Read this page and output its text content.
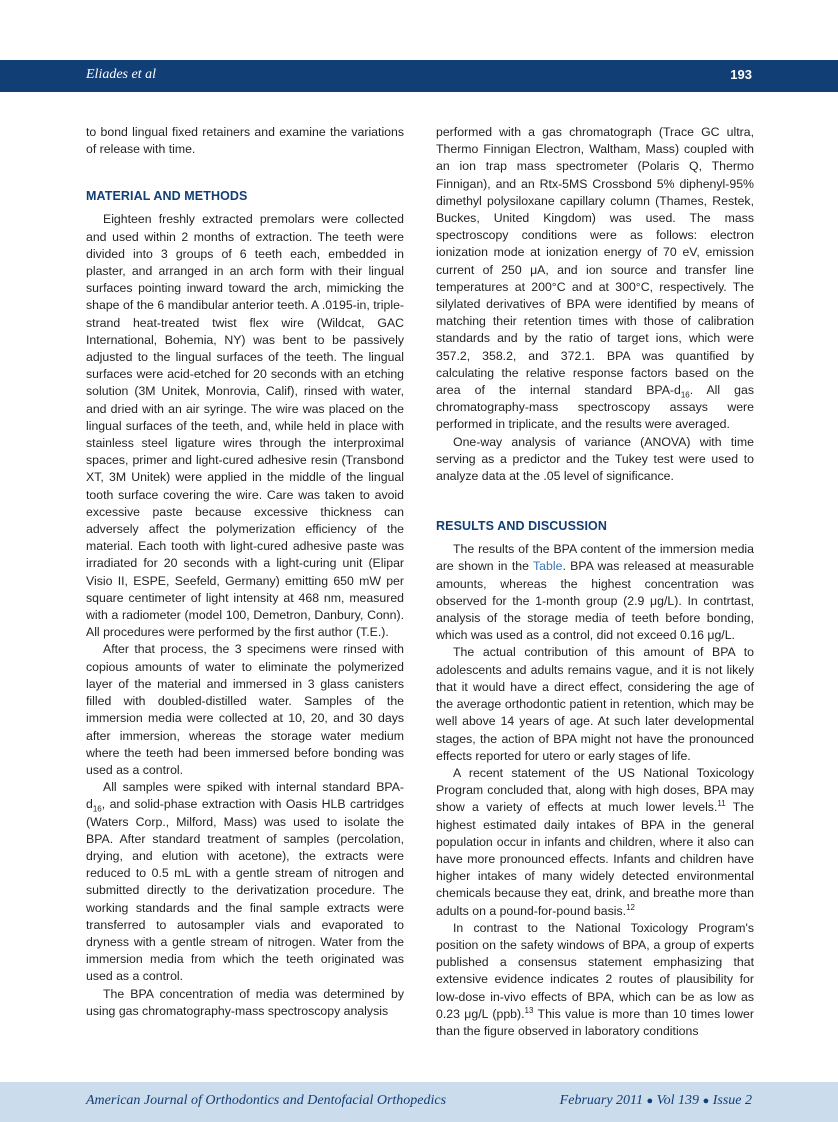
Eliades et al	193

to bond lingual fixed retainers and examine the variations of release with time.

MATERIAL AND METHODS

Eighteen freshly extracted premolars were collected and used within 2 months of extraction. The teeth were divided into 3 groups of 6 teeth each, embedded in plaster, and arranged in an arch form with their lingual surfaces pointing inward toward the arch, mimicking the shape of the 6 mandibular anterior teeth. A .0195-in, triple-strand heat-treated twist flex wire (Wildcat, GAC International, Bohemia, NY) was bent to be passively adjusted to the lingual surfaces of the teeth. The lingual surfaces were acid-etched for 20 seconds with an etching solution (3M Unitek, Monrovia, Calif), rinsed with water, and dried with an air syringe. The wire was placed on the lingual surfaces of the teeth, and, while held in place with stainless steel ligature wires through the interproximal spaces, primer and light-cured adhesive resin (Transbond XT, 3M Unitek) were applied in the middle of the lingual tooth surface covering the wire. Care was taken to avoid excessive paste because excessive thickness can adversely affect the polymerization efficiency of the material. Each tooth with light-cured adhesive paste was irradiated for 20 seconds with a light-curing unit (Elipar Visio II, ESPE, Seefeld, Germany) emitting 650 mW per square centimeter of light intensity at 468 nm, measured with a radiometer (model 100, Demetron, Danbury, Conn). All procedures were performed by the first author (T.E.).

After that process, the 3 specimens were rinsed with copious amounts of water to eliminate the polymerized layer of the material and immersed in 3 glass canisters filled with doubled-distilled water. Samples of the immersion media were collected at 10, 20, and 30 days after immersion, whereas the storage water medium where the teeth had been immersed before bonding was used as a control.

All samples were spiked with internal standard BPA-$d_{16}$, and solid-phase extraction with Oasis HLB cartridges (Waters Corp., Milford, Mass) was used to isolate the BPA. After standard treatment of samples (percolation, drying, and elution with acetone), the extracts were reduced to 0.5 mL with a gentle stream of nitrogen and submitted directly to the derivatization procedure. The working standards and the final sample extracts were transferred to autosampler vials and evaporated to dryness with a gentle stream of nitrogen. Water from the immersion media from which the teeth originated was used as a control.

The BPA concentration of media was determined by using gas chromatography-mass spectroscopy analysis

performed with a gas chromatograph (Trace GC ultra, Thermo Finnigan Electron, Waltham, Mass) coupled with an ion trap mass spectrometer (Polaris Q, Thermo Finnigan), and an Rtx-5MS Crossbond 5% diphenyl-95% dimethyl polysiloxane capillary column (Thames, Restek, Buckes, United Kingdom) was used. The mass spectroscopy conditions were as follows: electron ionization mode at ionization energy of 70 eV, emission current of 250 μA, and ion source and transfer line temperatures at 200°C and at 300°C, respectively. The silylated derivatives of BPA were identified by means of matching their retention times with those of calibration standards and by the ratio of target ions, which were 357.2, 358.2, and 372.1. BPA was quantified by calculating the relative response factors based on the area of the internal standard BPA-$d_{16}$. All gas chromatography-mass spectroscopy assays were performed in triplicate, and the results were averaged.

One-way analysis of variance (ANOVA) with time serving as a predictor and the Tukey test were used to analyze data at the .05 level of significance.

RESULTS AND DISCUSSION

The results of the BPA content of the immersion media are shown in the Table. BPA was released at measurable amounts, whereas the highest concentration was observed for the 1-month group (2.9 μg/L). In contrtast, analysis of the storage media of teeth before bonding, which was used as a control, did not exceed 0.16 μg/L.

The actual contribution of this amount of BPA to adolescents and adults remains vague, and it is not likely that it would have a direct effect, considering the age of the average orthodontic patient in retention, which may be well above 14 years of age. At such later developmental stages, the action of BPA might not have the pronounced effects reported for utero or early stages of life.

A recent statement of the US National Toxicology Program concluded that, along with high doses, BPA may show a variety of effects at much lower levels.$^{11}$ The highest estimated daily intakes of BPA in the general population occur in infants and children, where it also can have more pronounced effects. Infants and children have higher intakes of many widely detected environmental chemicals because they eat, drink, and breathe more than adults on a pound-for-pound basis.$^{12}$

In contrast to the National Toxicology Program's position on the safety windows of BPA, a group of experts published a consensus statement emphasizing that extensive evidence indicates 2 routes of plausibility for low-dose in-vivo effects of BPA, which can be as low as 0.23 μg/L (ppb).$^{13}$ This value is more than 10 times lower than the figure observed in laboratory conditions

American Journal of Orthodontics and Dentofacial Orthopedics	February 2011 ● Vol 139 ● Issue 2
